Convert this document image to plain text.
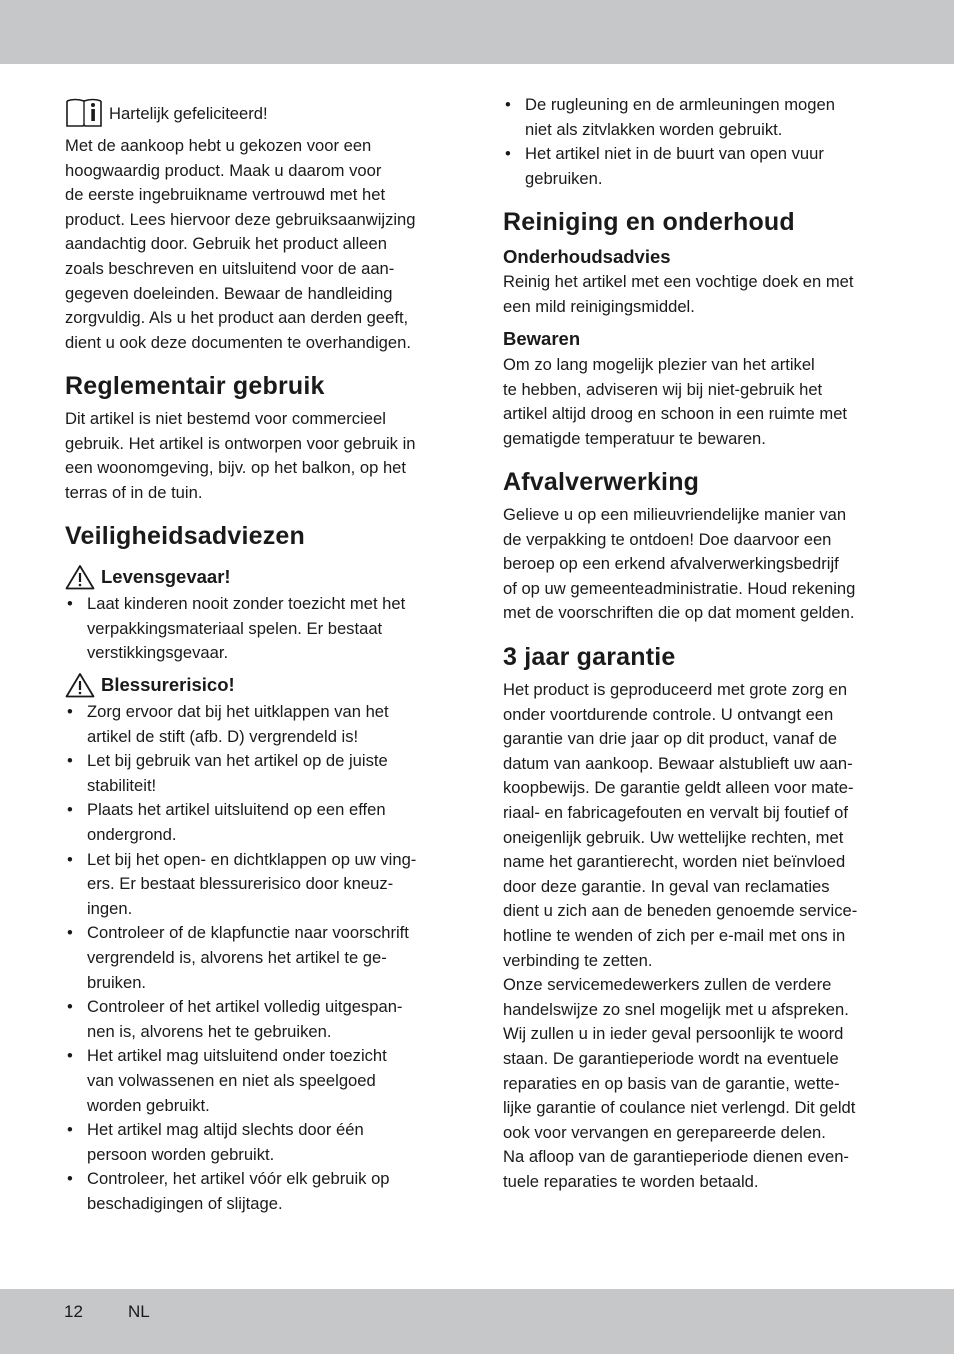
Hartelijk gefeliciteerd!

Met de aankoop hebt u gekozen voor een

hoogwaardig product. Maak u daarom voor

de eerste ingebruikname vertrouwd met het

product. Lees hiervoor deze gebruiksaanwijzing

aandachtig door. Gebruik het product alleen

zoals beschreven en uitsluitend voor de aan-

gegeven doeleinden. Bewaar de handleiding

zorgvuldig. Als u het product aan derden geeft,

dient u ook deze documenten te overhandigen.

Reglementair gebruik

Dit artikel is niet bestemd voor commercieel

gebruik. Het artikel is ontworpen voor gebruik in

een woonomgeving, bijv. op het balkon, op het

terras of in de tuin.

Veiligheidsadviezen
Levensgevaar!
• Laat kinderen nooit zonder toezicht met het
verpakkingsmateriaal spelen. Er bestaat
verstikkingsgevaar.
Blessurerisico!
• Zorg ervoor dat bij het uitklappen van het
artikel de stift (afb. D) vergrendeld is!
• Let bij gebruik van het artikel op de juiste
stabiliteit!
• Plaats het artikel uitsluitend op een effen
ondergrond.
• Let bij het open- en dichtklappen op uw ving-
ers. Er bestaat blessurerisico door kneuz-
ingen.
• Controleer of de klapfunctie naar voorschrift
vergrendeld is, alvorens het artikel te ge-
bruiken.
• Controleer of het artikel volledig uitgespan-
nen is, alvorens het te gebruiken.
• Het artikel mag uitsluitend onder toezicht
van volwassenen en niet als speelgoed
worden gebruikt.
• Het artikel mag altijd slechts door één
persoon worden gebruikt.
• Controleer, het artikel vóór elk gebruik op
beschadigingen of slijtage.
• De rugleuning en de armleuningen mogen
niet als zitvlakken worden gebruikt.
• Het artikel niet in de buurt van open vuur
gebruiken.
Reiniging en onderhoud
Onderhoudsadvies

Reinig het artikel met een vochtige doek en met

een mild reinigingsmiddel.

Bewaren

Om zo lang mogelijk plezier van het artikel

te hebben, adviseren wij bij niet-gebruik het

artikel altijd droog en schoon in een ruimte met

gematigde temperatuur te bewaren.

Afvalverwerking

Gelieve u op een milieuvriendelijke manier van

de verpakking te ontdoen! Doe daarvoor een

beroep op een erkend afvalverwerkingsbedrijf

of op uw gemeenteadministratie. Houd rekening

met de voorschriften die op dat moment gelden.

3 jaar garantie

Het product is geproduceerd met grote zorg en

onder voortdurende controle. U ontvangt een

garantie van drie jaar op dit product, vanaf de

datum van aankoop. Bewaar alstublieft uw aan-

koopbewijs. De garantie geldt alleen voor mate-

riaal- en fabricagefouten en vervalt bij foutief of

oneigenlijk gebruik. Uw wettelijke rechten, met

name het garantierecht, worden niet beïnvloed

door deze garantie. In geval van reclamaties

dient u zich aan de beneden genoemde service-

hotline te wenden of zich per e-mail met ons in

verbinding te zetten.

Onze servicemedewerkers zullen de verdere

handelswijze zo snel mogelijk met u afspreken.

Wij zullen u in ieder geval persoonlijk te woord

staan. De garantieperiode wordt na eventuele

reparaties en op basis van de garantie, wette-

lijke garantie of coulance niet verlengd. Dit geldt

ook voor vervangen en gerepareerde delen.

Na afloop van de garantieperiode dienen even-

tuele reparaties te worden betaald.

12	NL
